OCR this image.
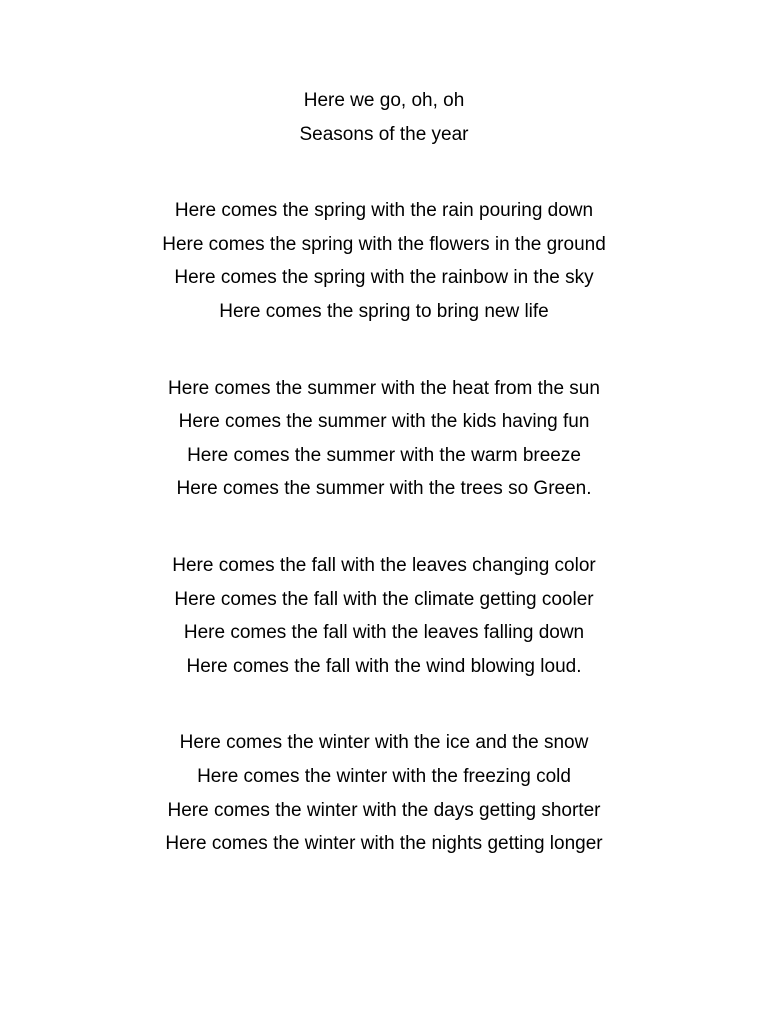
Here we go, oh, oh
Seasons of the year
Here comes the spring with the rain pouring down
Here comes the spring with the flowers in the ground
Here comes the spring with the rainbow in the sky
Here comes the spring to bring new life
Here comes the summer with the heat from the sun
Here comes the summer with the kids having fun
Here comes the summer with the warm breeze
Here comes the summer with the trees so Green.
Here comes the fall with the leaves changing color
Here comes the fall with the climate getting cooler
Here comes the fall with the leaves falling down
Here comes the fall with the wind blowing loud.
Here comes the winter with the ice and the snow
Here comes the winter with the freezing cold
Here comes the winter with the days getting shorter
Here comes the winter with the nights getting longer
